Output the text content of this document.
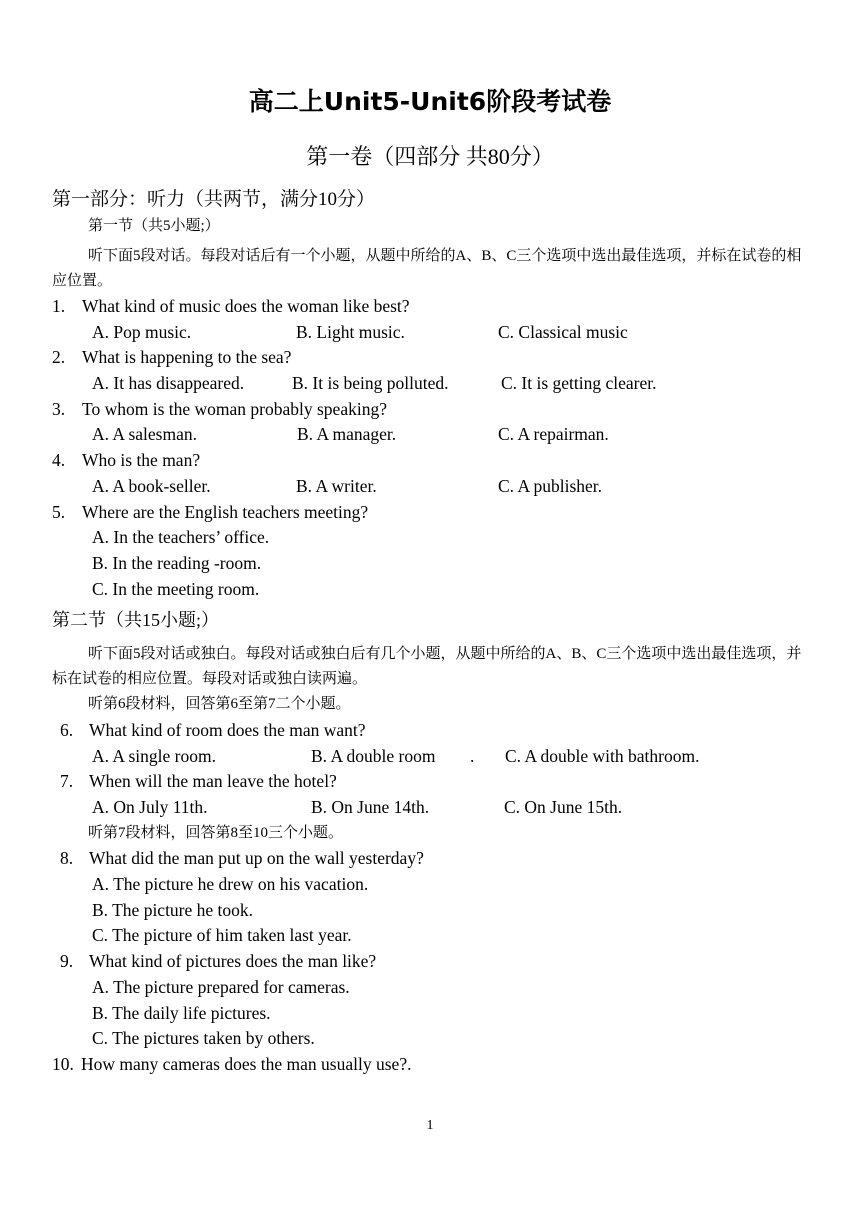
高二上Unit5-Unit6阶段考试卷
第一卷（四部分 共80分）
第一部分：听力（共两节，满分10分）
第一节（共5小题;）
听下面5段对话。每段对话后有一个小题，从题中所给的A、B、C三个选项中选出最佳选项，并标在试卷的相应位置。
1. What kind of music does the woman like best?
A. Pop music.	B. Light music.	C. Classical music
2. What is happening to the sea?
A. It has disappeared.	B. It is being polluted.	C. It is getting clearer.
3. To whom is the woman probably speaking?
A. A salesman.	B. A manager.	C. A repairman.
4. Who is the man?
A. A book-seller.	B. A writer.	C. A publisher.
5. Where are the English teachers meeting?
A. In the teachers’ office.
B. In the reading -room.
C. In the meeting room.
第二节（共15小题;）
听下面5段对话或独白。每段对话或独白后有几个小题，从题中所给的A、B、C三个选项中选出最佳选项，并标在试卷的相应位置。每段对话或独白读两遍。
听第6段材料，回答第6至第7二个小题。
6. What kind of room does the man want?
A. A single room.	B. A double room . C. A double with bathroom.
7. When will the man leave the hotel?
A. On July 11th.	B. On June 14th.	C. On June 15th.
听第7段材料，回答第8至10三个小题。
8. What did the man put up on the wall yesterday?
A. The picture he drew on his vacation.
B. The picture he took.
C. The picture of him taken last year.
9. What kind of pictures does the man like?
A. The picture prepared for cameras.
B. The daily life pictures.
C. The pictures taken by others.
10. How many cameras does the man usually use?.
1
